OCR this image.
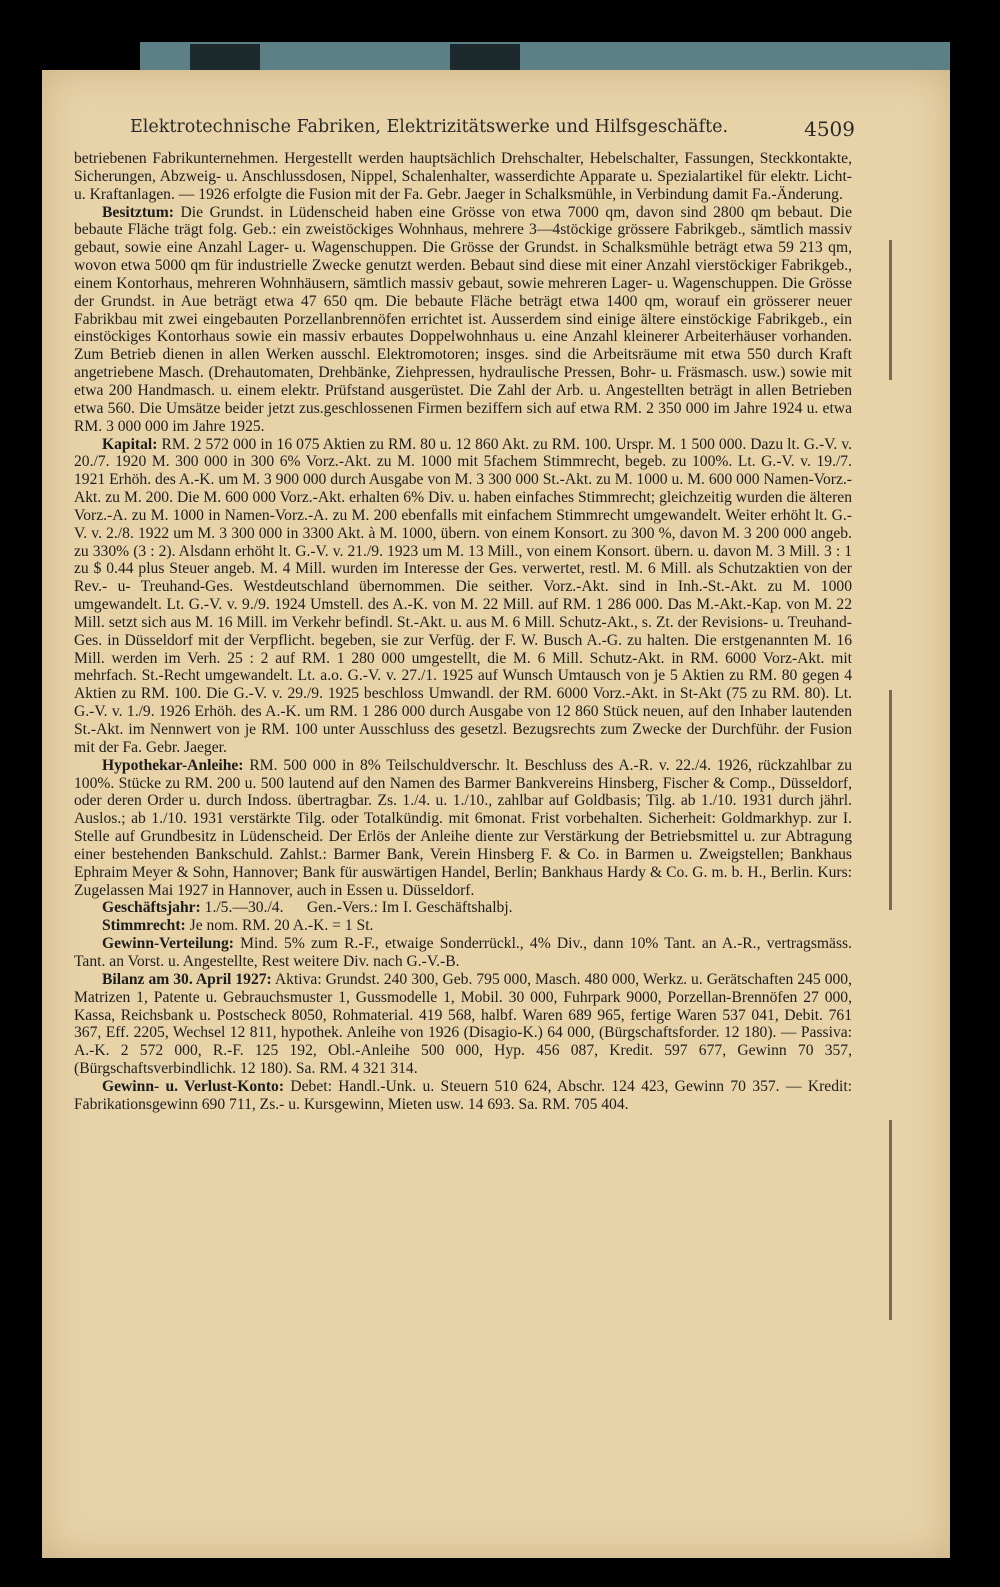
Elektrotechnische Fabriken, Elektrizitätswerke und Hilfsgeschäfte.	4509

betriebenen Fabrikunternehmen. Hergestellt werden hauptsächlich Drehschalter, Hebelschalter, Fassungen, Steckkontakte, Sicherungen, Abzweig- u. Anschlussdosen, Nippel, Schalenhalter, wasserdichte Apparate u. Spezialartikel für elektr. Licht- u. Kraftanlagen. — 1926 erfolgte die Fusion mit der Fa. Gebr. Jaeger in Schalksmühle, in Verbindung damit Fa.-Änderung.

Besitztum: Die Grundst. in Lüdenscheid haben eine Grösse von etwa 7000 qm, davon sind 2800 qm bebaut. Die bebaute Fläche trägt folg. Geb.: ein zweistöckiges Wohnhaus, mehrere 3—4stöckige grössere Fabrikgeb., sämtlich massiv gebaut, sowie eine Anzahl Lager- u. Wagenschuppen. Die Grösse der Grundst. in Schalksmühle beträgt etwa 59 213 qm, wovon etwa 5000 qm für industrielle Zwecke genutzt werden. Bebaut sind diese mit einer Anzahl vierstöckiger Fabrikgeb., einem Kontorhaus, mehreren Wohnhäusern, sämtlich massiv gebaut, sowie mehreren Lager- u. Wagenschuppen. Die Grösse der Grundst. in Aue beträgt etwa 47 650 qm. Die bebaute Fläche beträgt etwa 1400 qm, worauf ein grösserer neuer Fabrikbau mit zwei eingebauten Porzellanbrennöfen errichtet ist. Ausserdem sind einige ältere einstöckige Fabrikgeb., ein einstöckiges Kontorhaus sowie ein massiv erbautes Doppelwohnhaus u. eine Anzahl kleinerer Arbeiterhäuser vorhanden. Zum Betrieb dienen in allen Werken ausschl. Elektromotoren; insges. sind die Arbeitsräume mit etwa 550 durch Kraft angetriebene Masch. (Drehautomaten, Drehbänke, Ziehpressen, hydraulische Pressen, Bohr- u. Fräsmasch. usw.) sowie mit etwa 200 Handmasch. u. einem elektr. Prüfstand ausgerüstet. Die Zahl der Arb. u. Angestellten beträgt in allen Betrieben etwa 560. Die Umsätze beider jetzt zus.geschlossenen Firmen beziffern sich auf etwa RM. 2 350 000 im Jahre 1924 u. etwa RM. 3 000 000 im Jahre 1925.

Kapital: RM. 2 572 000 in 16 075 Aktien zu RM. 80 u. 12 860 Akt. zu RM. 100. Urspr. M. 1 500 000. Dazu lt. G.-V. v. 20./7. 1920 M. 300 000 in 300 6% Vorz.-Akt. zu M. 1000 mit 5fachem Stimmrecht, begeb. zu 100%. Lt. G.-V. v. 19./7. 1921 Erhöh. des A.-K. um M. 3 900 000 durch Ausgabe von M. 3 300 000 St.-Akt. zu M. 1000 u. M. 600 000 Namen-Vorz.-Akt. zu M. 200. Die M. 600 000 Vorz.-Akt. erhalten 6% Div. u. haben einfaches Stimmrecht; gleichzeitig wurden die älteren Vorz.-A. zu M. 1000 in Namen-Vorz.-A. zu M. 200 ebenfalls mit einfachem Stimmrecht umgewandelt. Weiter erhöht lt. G.-V. v. 2./8. 1922 um M. 3 300 000 in 3300 Akt. à M. 1000, übern. von einem Konsort. zu 300 %, davon M. 3 200 000 angeb. zu 330% (3 : 2). Alsdann erhöht lt. G.-V. v. 21./9. 1923 um M. 13 Mill., von einem Konsort. übern. u. davon M. 3 Mill. 3 : 1 zu $ 0.44 plus Steuer angeb. M. 4 Mill. wurden im Interesse der Ges. verwertet, restl. M. 6 Mill. als Schutzaktien von der Rev.- u- Treuhand-Ges. Westdeutschland übernommen. Die seither. Vorz.-Akt. sind in Inh.-St.-Akt. zu M. 1000 umgewandelt. Lt. G.-V. v. 9./9. 1924 Umstell. des A.-K. von M. 22 Mill. auf RM. 1 286 000. Das M.-Akt.-Kap. von M. 22 Mill. setzt sich aus M. 16 Mill. im Verkehr befindl. St.-Akt. u. aus M. 6 Mill. Schutz-Akt., s. Zt. der Revisions- u. Treuhand-Ges. in Düsseldorf mit der Verpflicht. begeben, sie zur Verfüg. der F. W. Busch A.-G. zu halten. Die erstgenannten M. 16 Mill. werden im Verh. 25 : 2 auf RM. 1 280 000 umgestellt, die M. 6 Mill. Schutz-Akt. in RM. 6000 Vorz-Akt. mit mehrfach. St.-Recht umgewandelt. Lt. a.o. G.-V. v. 27./1. 1925 auf Wunsch Umtausch von je 5 Aktien zu RM. 80 gegen 4 Aktien zu RM. 100. Die G.-V. v. 29./9. 1925 beschloss Umwandl. der RM. 6000 Vorz.-Akt. in St-Akt (75 zu RM. 80). Lt. G.-V. v. 1./9. 1926 Erhöh. des A.-K. um RM. 1 286 000 durch Ausgabe von 12 860 Stück neuen, auf den Inhaber lautenden St.-Akt. im Nennwert von je RM. 100 unter Ausschluss des gesetzl. Bezugsrechts zum Zwecke der Durchführ. der Fusion mit der Fa. Gebr. Jaeger.

Hypothekar-Anleihe: RM. 500 000 in 8% Teilschuldverschr. lt. Beschluss des A.-R. v. 22./4. 1926, rückzahlbar zu 100%. Stücke zu RM. 200 u. 500 lautend auf den Namen des Barmer Bankvereins Hinsberg, Fischer & Comp., Düsseldorf, oder deren Order u. durch Indoss. übertragbar. Zs. 1./4. u. 1./10., zahlbar auf Goldbasis; Tilg. ab 1./10. 1931 durch jährl. Auslos.; ab 1./10. 1931 verstärkte Tilg. oder Totalkündig. mit 6monat. Frist vorbehalten. Sicherheit: Goldmarkhyp. zur I. Stelle auf Grundbesitz in Lüdenscheid. Der Erlös der Anleihe diente zur Verstärkung der Betriebsmittel u. zur Abtragung einer bestehenden Bankschuld. Zahlst.: Barmer Bank, Verein Hinsberg F. & Co. in Barmen u. Zweigstellen; Bankhaus Ephraim Meyer & Sohn, Hannover; Bank für auswärtigen Handel, Berlin; Bankhaus Hardy & Co. G. m. b. H., Berlin. Kurs: Zugelassen Mai 1927 in Hannover, auch in Essen u. Düsseldorf.

Geschäftsjahr: 1./5.—30./4.      Gen.-Vers.: Im I. Geschäftshalbj.

Stimmrecht: Je nom. RM. 20 A.-K. = 1 St.

Gewinn-Verteilung: Mind. 5% zum R.-F., etwaige Sonderrückl., 4% Div., dann 10% Tant. an A.-R., vertragsmäss. Tant. an Vorst. u. Angestellte, Rest weitere Div. nach G.-V.-B.

Bilanz am 30. April 1927: Aktiva: Grundst. 240 300, Geb. 795 000, Masch. 480 000, Werkz. u. Gerätschaften 245 000, Matrizen 1, Patente u. Gebrauchsmuster 1, Gussmodelle 1, Mobil. 30 000, Fuhrpark 9000, Porzellan-Brennöfen 27 000, Kassa, Reichsbank u. Postscheck 8050, Rohmaterial. 419 568, halbf. Waren 689 965, fertige Waren 537 041, Debit. 761 367, Eff. 2205, Wechsel 12 811, hypothek. Anleihe von 1926 (Disagio-K.) 64 000, (Bürgschaftsforder. 12 180). — Passiva: A.-K. 2 572 000, R.-F. 125 192, Obl.-Anleihe 500 000, Hyp. 456 087, Kredit. 597 677, Gewinn 70 357, (Bürgschaftsverbindlichk. 12 180). Sa. RM. 4 321 314.

Gewinn- u. Verlust-Konto: Debet: Handl.-Unk. u. Steuern 510 624, Abschr. 124 423, Gewinn 70 357. — Kredit: Fabrikationsgewinn 690 711, Zs.- u. Kursgewinn, Mieten usw. 14 693. Sa. RM. 705 404.
